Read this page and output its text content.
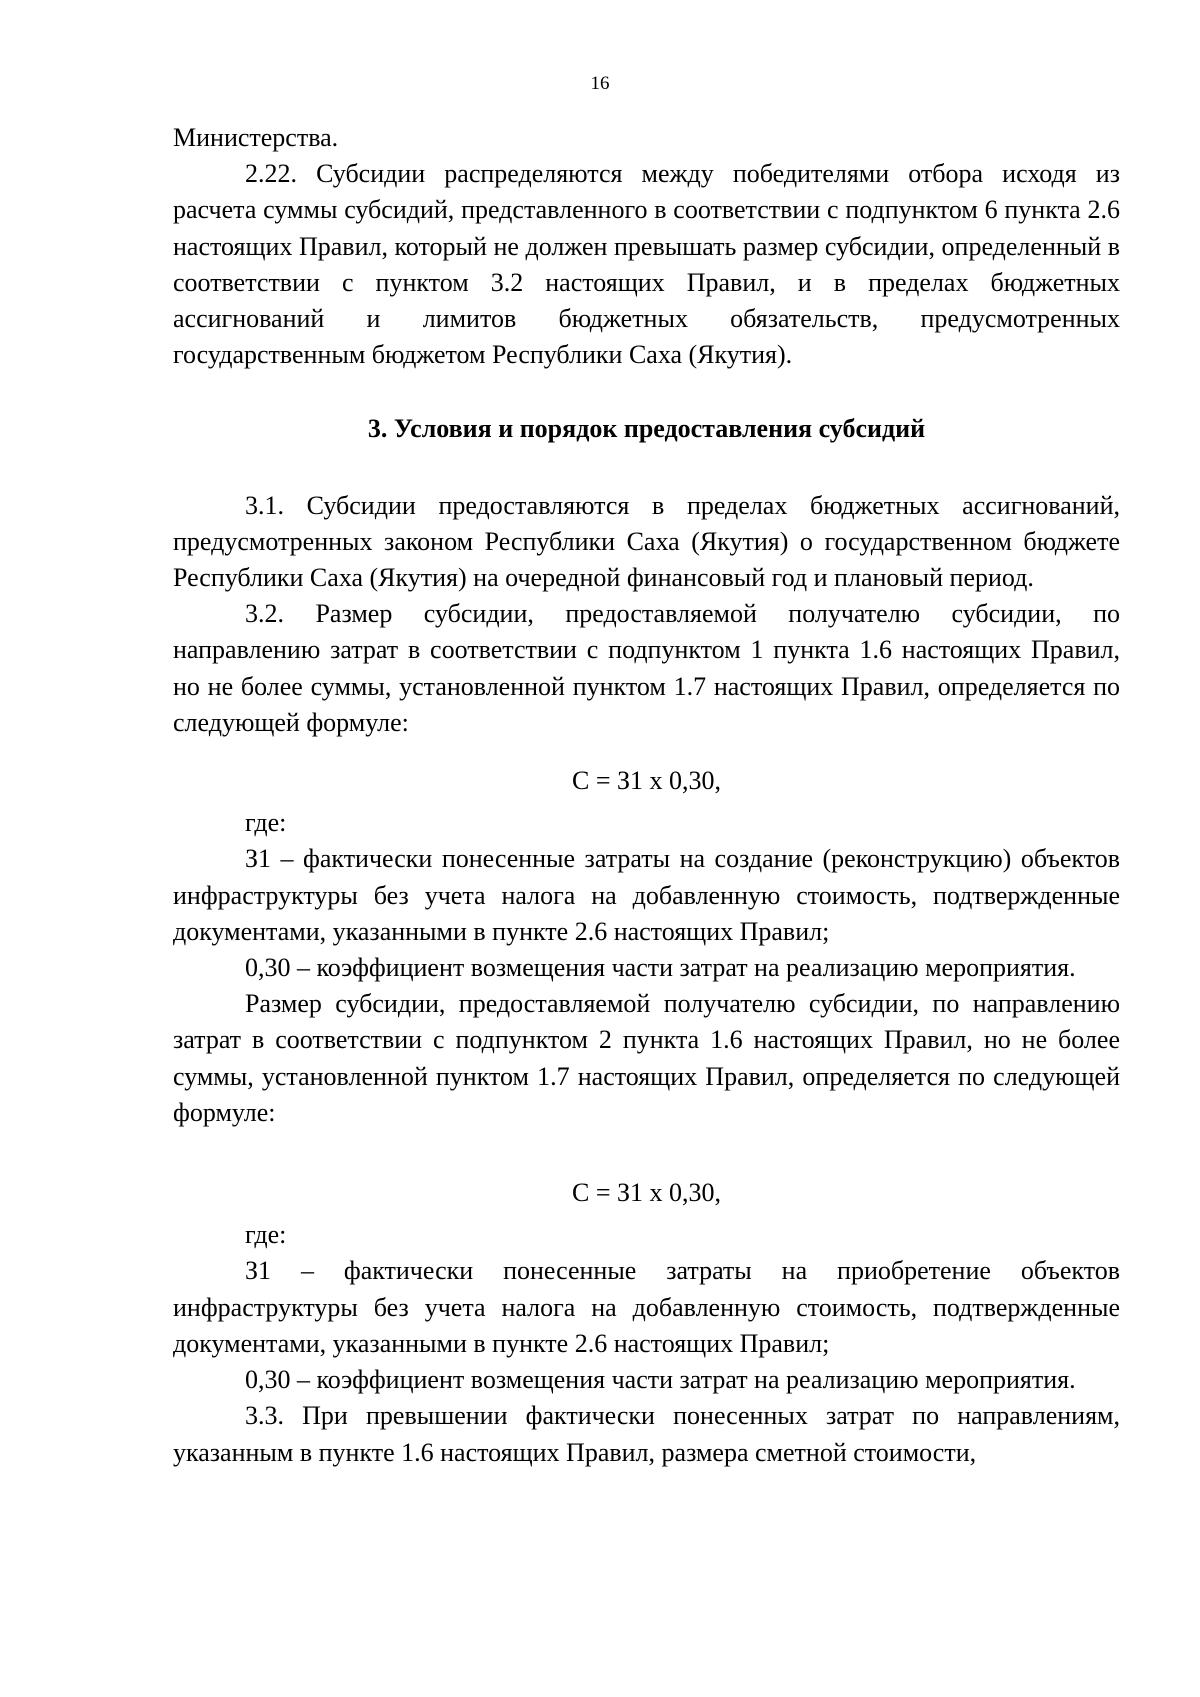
16

Министерства.

2.22. Субсидии распределяются между победителями отбора исходя из расчета суммы субсидий, представленного в соответствии с подпунктом 6 пункта 2.6 настоящих Правил, который не должен превышать размер субсидии, определенный в соответствии с пунктом 3.2 настоящих Правил, и в пределах бюджетных ассигнований и лимитов бюджетных обязательств, предусмотренных государственным бюджетом Республики Саха (Якутия).

3. Условия и порядок предоставления субсидий

3.1. Субсидии предоставляются в пределах бюджетных ассигнований, предусмотренных законом Республики Саха (Якутия) о государственном бюджете Республики Саха (Якутия) на очередной финансовый год и плановый период.

3.2. Размер субсидии, предоставляемой получателю субсидии, по направлению затрат в соответствии с подпунктом 1 пункта 1.6 настоящих Правил, но не более суммы, установленной пунктом 1.7 настоящих Правил, определяется по следующей формуле:

С = З1 х 0,30,

где:

З1 – фактически понесенные затраты на создание (реконструкцию) объектов инфраструктуры без учета налога на добавленную стоимость, подтвержденные документами, указанными в пункте 2.6 настоящих Правил;

0,30 – коэффициент возмещения части затрат на реализацию мероприятия.

Размер субсидии, предоставляемой получателю субсидии, по направлению затрат в соответствии с подпунктом 2 пункта 1.6 настоящих Правил, но не более суммы, установленной пунктом 1.7 настоящих Правил, определяется по следующей формуле:

С = З1 х 0,30,

где:

З1 – фактически понесенные затраты на приобретение объектов инфраструктуры без учета налога на добавленную стоимость, подтвержденные документами, указанными в пункте 2.6 настоящих Правил;

0,30 – коэффициент возмещения части затрат на реализацию мероприятия.

3.3. При превышении фактически понесенных затрат по направлениям, указанным в пункте 1.6 настоящих Правил, размера сметной стоимости,
